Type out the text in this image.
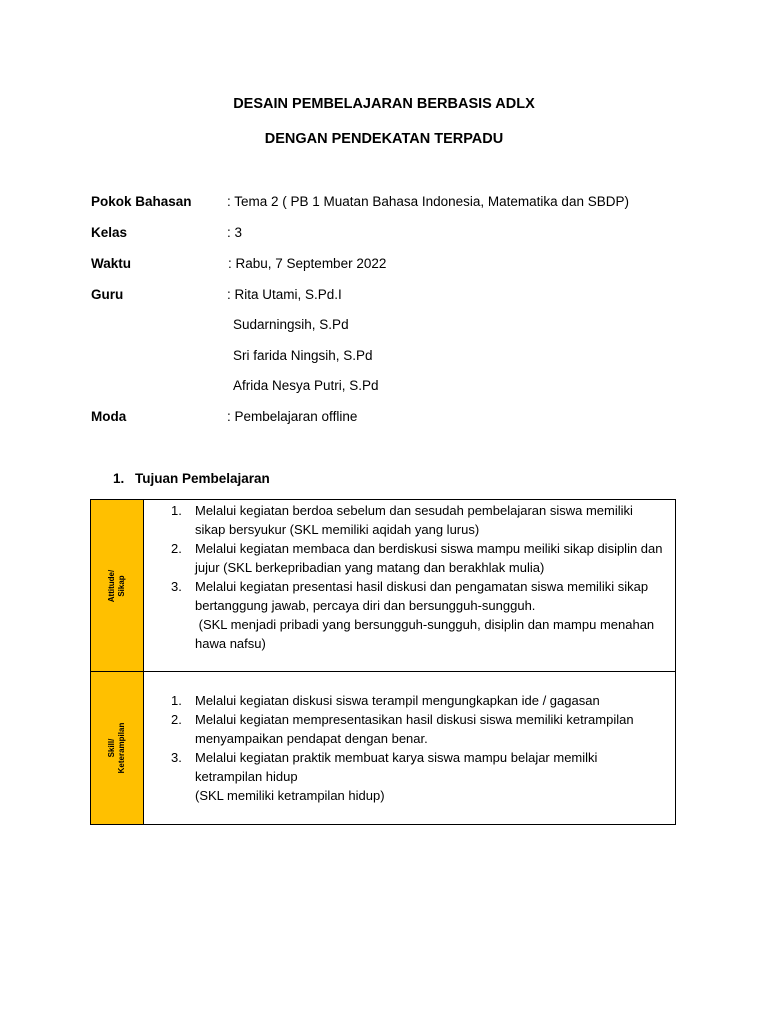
DESAIN PEMBELAJARAN BERBASIS ADLX
DENGAN PENDEKATAN TERPADU
Pokok Bahasan	: Tema 2 ( PB 1 Muatan Bahasa Indonesia, Matematika dan SBDP)
Kelas	: 3
Waktu	: Rabu, 7 September 2022
Guru	: Rita Utami, S.Pd.I
Sudarningsih, S.Pd
Sri farida Ningsih, S.Pd
Afrida Nesya Putri, S.Pd
Moda	: Pembelajaran offline
1. Tujuan Pembelajaran
Attitude/ Sikap
1. Melalui kegiatan berdoa sebelum dan sesudah pembelajaran siswa memiliki sikap bersyukur (SKL memiliki aqidah yang lurus)
2. Melalui kegiatan membaca dan berdiskusi siswa mampu meiliki sikap disiplin dan jujur (SKL berkepribadian yang matang dan berakhlak mulia)
3. Melalui kegiatan presentasi hasil diskusi dan pengamatan siswa memiliki sikap bertanggung jawab, percaya diri dan bersungguh-sungguh.
(SKL menjadi pribadi yang bersungguh-sungguh, disiplin dan mampu menahan hawa nafsu)
Skill/ Keterampilan
1. Melalui kegiatan diskusi siswa terampil mengungkapkan ide / gagasan
2. Melalui kegiatan mempresentasikan hasil diskusi siswa memiliki ketrampilan menyampaikan pendapat dengan benar.
3. Melalui kegiatan praktik membuat karya siswa mampu belajar memilki ketrampilan hidup
(SKL memiliki ketrampilan hidup)
